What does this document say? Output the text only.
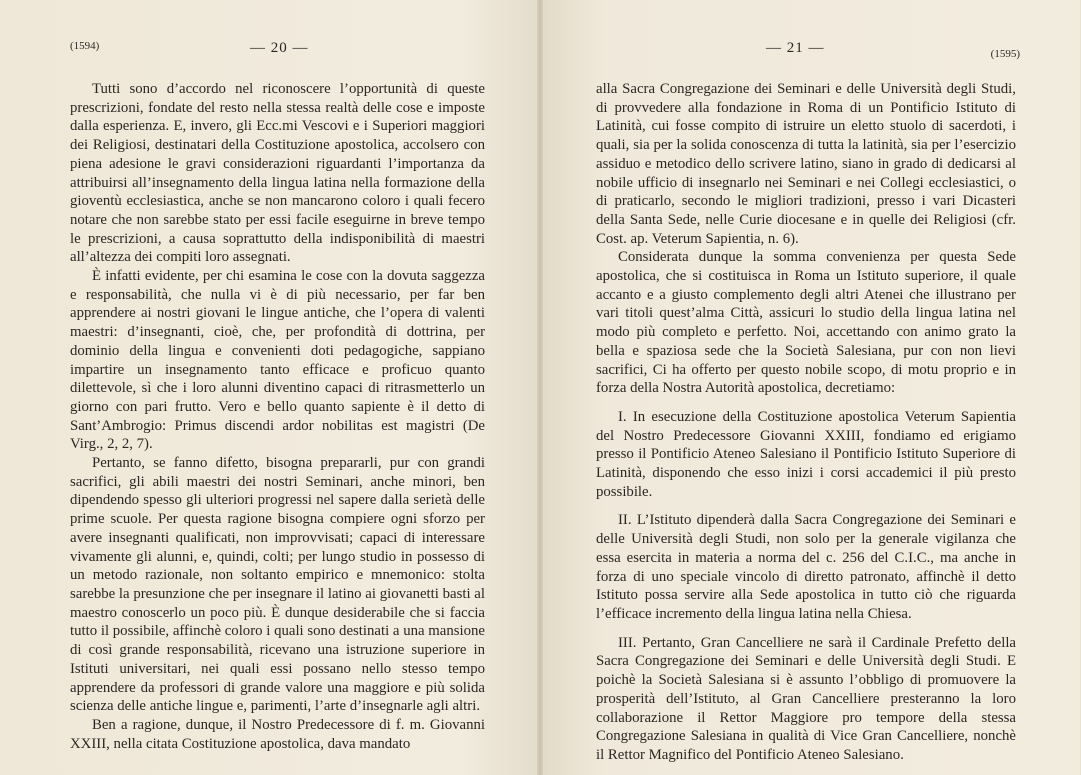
(1594)	— 20 —

Tutti sono d’accordo nel riconoscere l’opportunità di queste prescrizioni, fondate del resto nella stessa realtà delle cose e imposte dalla esperienza. E, invero, gli Ecc.mi Vescovi e i Superiori maggiori dei Religiosi, destinatari della Costituzione apostolica, accolsero con piena adesione le gravi considerazioni riguardanti l’importanza da attribuirsi all’insegnamento della lingua latina nella formazione della gioventù ecclesiastica, anche se non mancarono coloro i quali fecero notare che non sarebbe stato per essi facile eseguirne in breve tempo le prescrizioni, a causa soprattutto della indisponibilità di maestri all’altezza dei compiti loro assegnati.

È infatti evidente, per chi esamina le cose con la dovuta saggezza e responsabilità, che nulla vi è di più necessario, per far ben apprendere ai nostri giovani le lingue antiche, che l’opera di valenti maestri: d’insegnanti, cioè, che, per profondità di dottrina, per dominio della lingua e convenienti doti pedagogiche, sappiano impartire un insegnamento tanto efficace e proficuo quanto dilettevole, sì che i loro alunni diventino capaci di ritrasmetterlo un giorno con pari frutto. Vero e bello quanto sapiente è il detto di Sant’Ambrogio: Primus discendi ardor nobilitas est magistri (De Virg., 2, 2, 7).

Pertanto, se fanno difetto, bisogna prepararli, pur con grandi sacrifici, gli abili maestri dei nostri Seminari, anche minori, ben dipendendo spesso gli ulteriori progressi nel sapere dalla serietà delle prime scuole. Per questa ragione bisogna compiere ogni sforzo per avere insegnanti qualificati, non improvvisati; capaci di interessare vivamente gli alunni, e, quindi, colti; per lungo studio in possesso di un metodo razionale, non soltanto empirico e mnemonico: stolta sarebbe la presunzione che per insegnare il latino ai giovanetti basti al maestro conoscerlo un poco più. È dunque desiderabile che si faccia tutto il possibile, affinchè coloro i quali sono destinati a una mansione di così grande responsabilità, ricevano una istruzione superiore in Istituti universitari, nei quali essi possano nello stesso tempo apprendere da professori di grande valore una maggiore e più solida scienza delle antiche lingue e, parimenti, l’arte d’insegnarle agli altri.

Ben a ragione, dunque, il Nostro Predecessore di f. m. Giovanni XXIII, nella citata Costituzione apostolica, dava mandato

— 21 —	(1595)

alla Sacra Congregazione dei Seminari e delle Università degli Studi, di provvedere alla fondazione in Roma di un Pontificio Istituto di Latinità, cui fosse compito di istruire un eletto stuolo di sacerdoti, i quali, sia per la solida conoscenza di tutta la latinità, sia per l’esercizio assiduo e metodico dello scrivere latino, siano in grado di dedicarsi al nobile ufficio di insegnarlo nei Seminari e nei Collegi ecclesiastici, o di praticarlo, secondo le migliori tradizioni, presso i vari Dicasteri della Santa Sede, nelle Curie diocesane e in quelle dei Religiosi (cfr. Cost. ap. Veterum Sapientia, n. 6).

Considerata dunque la somma convenienza per questa Sede apostolica, che si costituisca in Roma un Istituto superiore, il quale accanto e a giusto complemento degli altri Atenei che illustrano per vari titoli quest’alma Città, assicuri lo studio della lingua latina nel modo più completo e perfetto. Noi, accettando con animo grato la bella e spaziosa sede che la Società Salesiana, pur con non lievi sacrifici, Ci ha offerto per questo nobile scopo, di motu proprio e in forza della Nostra Autorità apostolica, decretiamo:

I. In esecuzione della Costituzione apostolica Veterum Sapientia del Nostro Predecessore Giovanni XXIII, fondiamo ed erigiamo presso il Pontificio Ateneo Salesiano il Pontificio Istituto Superiore di Latinità, disponendo che esso inizi i corsi accademici il più presto possibile.

II. L’Istituto dipenderà dalla Sacra Congregazione dei Seminari e delle Università degli Studi, non solo per la generale vigilanza che essa esercita in materia a norma del c. 256 del C.I.C., ma anche in forza di uno speciale vincolo di diretto patronato, affinchè il detto Istituto possa servire alla Sede apostolica in tutto ciò che riguarda l’efficace incremento della lingua latina nella Chiesa.

III. Pertanto, Gran Cancelliere ne sarà il Cardinale Prefetto della Sacra Congregazione dei Seminari e delle Università degli Studi. E poichè la Società Salesiana si è assunto l’obbligo di promuovere la prosperità dell’Istituto, al Gran Cancelliere presteranno la loro collaborazione il Rettor Maggiore pro tempore della stessa Congregazione Salesiana in qualità di Vice Gran Cancelliere, nonchè il Rettor Magnifico del Pontificio Ateneo Salesiano.
